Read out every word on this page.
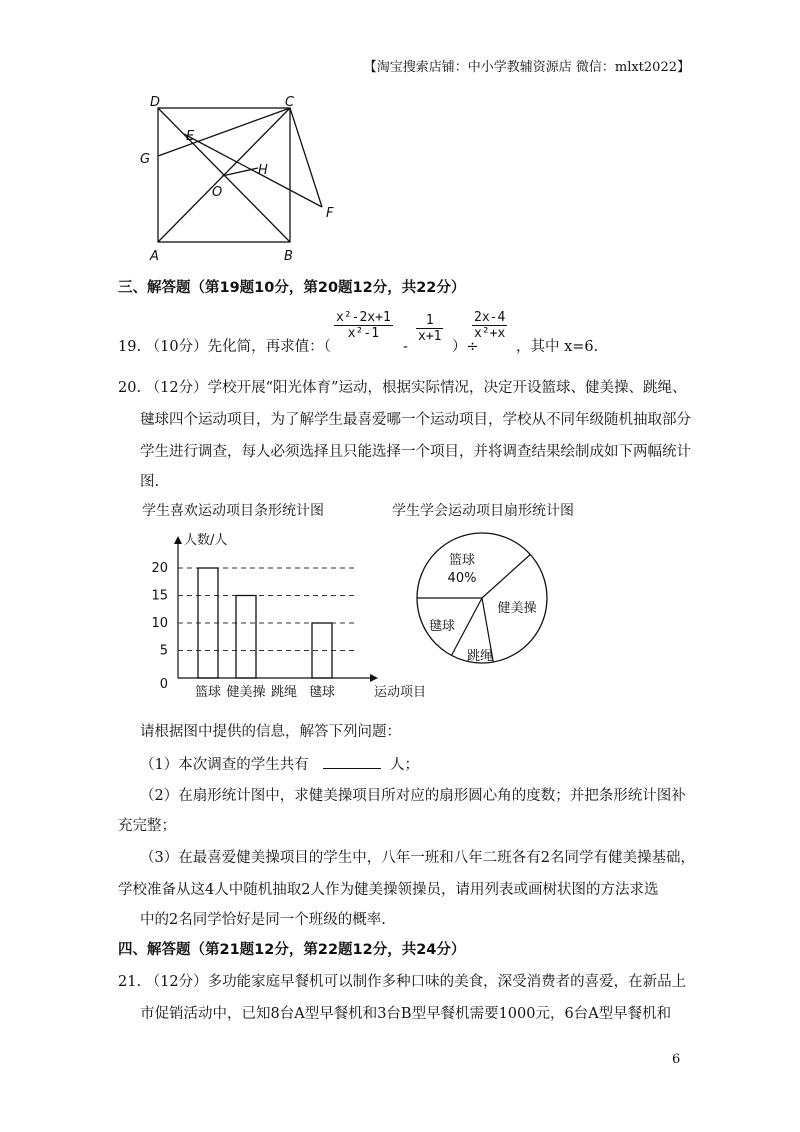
【淘宝搜索店铺：中小学教辅资源店 微信：mlxt2022】
D	C
E
G
H
O
F
A	B
三、解答题（第19题10分，第20题12分，共22分）
19. （10分）先化简，再求值：（
$\frac{\text{x²-2x+1}}{\text{x²-1}}$
-
$\frac{1}{x+1}$
）÷
$\frac{2x-4}{\text{x²+x}}$
，其中 x=6.
20. （12分）学校开展“阳光体育”运动，根据实际情况，决定开设篮球、健美操、跳绳、
毽球四个运动项目，为了解学生最喜爱哪一个运动项目，学校从不同年级随机抽取部分
学生进行调查，每人必须选择且只能选择一个项目，并将调查结果绘制成如下两幅统计
图.
学生喜欢运动项目条形统计图
人数/人
运动项目
0
5
10
15
20
篮球 健美操 跳绳 毽球
学生学会运动项目扇形统计图
篮球
健美操
跳绳
毽球
40%
请根据图中提供的信息，解答下列问题：
（1）本次调查的学生共有	人；
（2）在扇形统计图中，求健美操项目所对应的扇形圆心角的度数；并把条形统计图补
充完整；
（3）在最喜爱健美操项目的学生中，八年一班和八年二班各有2名同学有健美操基础，
学校准备从这4人中随机抽取2人作为健美操领操员，请用列表或画树状图的方法求选
中的2名同学恰好是同一个班级的概率.
四、解答题（第21题12分，第22题12分，共24分）
21. （12分）多功能家庭早餐机可以制作多种口味的美食，深受消费者的喜爱，在新品上
市促销活动中，已知8台A型早餐机和3台B型早餐机需要1000元，6台A型早餐机和
6
